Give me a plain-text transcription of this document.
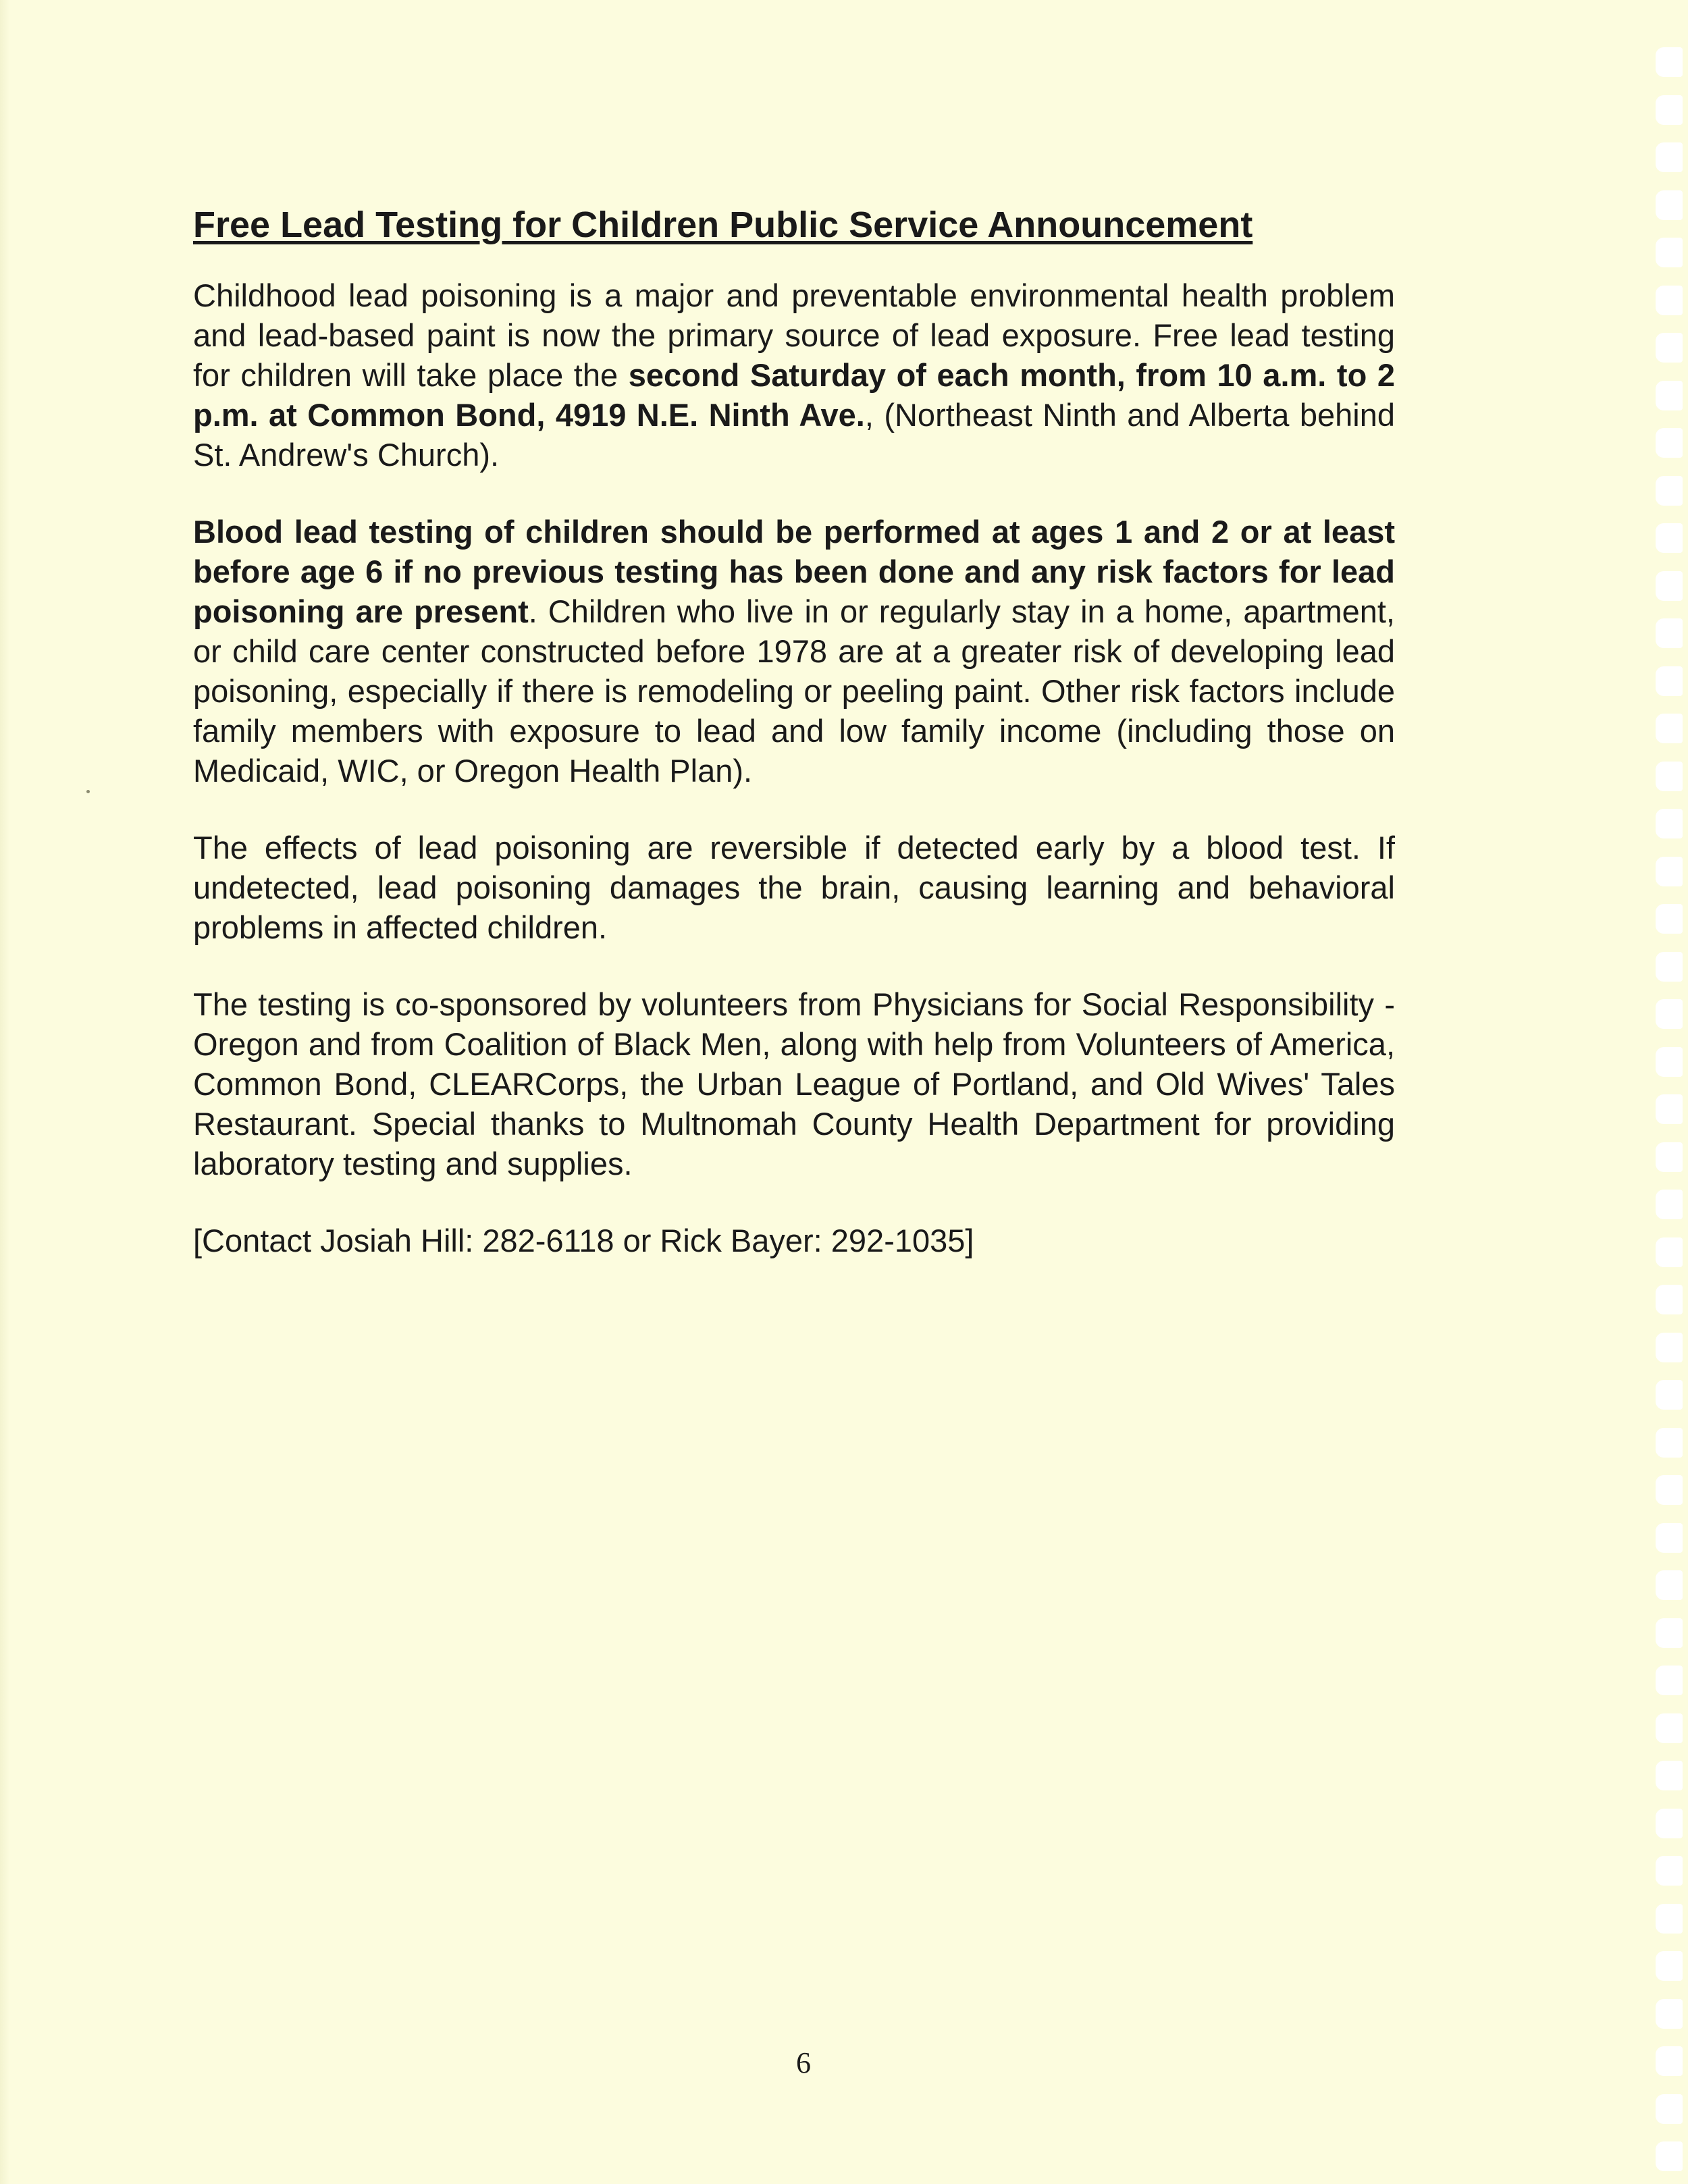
Free Lead Testing for Children Public Service Announcement

Childhood lead poisoning is a major and preventable environmental health problem and lead-based paint is now the primary source of lead exposure. Free lead testing for children will take place the second Saturday of each month, from 10 a.m. to 2 p.m. at Common Bond, 4919 N.E. Ninth Ave., (Northeast Ninth and Alberta behind St. Andrew's Church).

Blood lead testing of children should be performed at ages 1 and 2 or at least before age 6 if no previous testing has been done and any risk factors for lead poisoning are present. Children who live in or regularly stay in a home, apartment, or child care center constructed before 1978 are at a greater risk of developing lead poisoning, especially if there is remodeling or peeling paint. Other risk factors include family members with exposure to lead and low family income (including those on Medicaid, WIC, or Oregon Health Plan).

The effects of lead poisoning are reversible if detected early by a blood test. If undetected, lead poisoning damages the brain, causing learning and behavioral problems in affected children.

The testing is co-sponsored by volunteers from Physicians for Social Responsibility - Oregon and from Coalition of Black Men, along with help from Volunteers of America, Common Bond, CLEARCorps, the Urban League of Portland, and Old Wives' Tales Restaurant. Special thanks to Multnomah County Health Department for providing laboratory testing and supplies.

[Contact Josiah Hill: 282-6118 or Rick Bayer: 292-1035]

6
